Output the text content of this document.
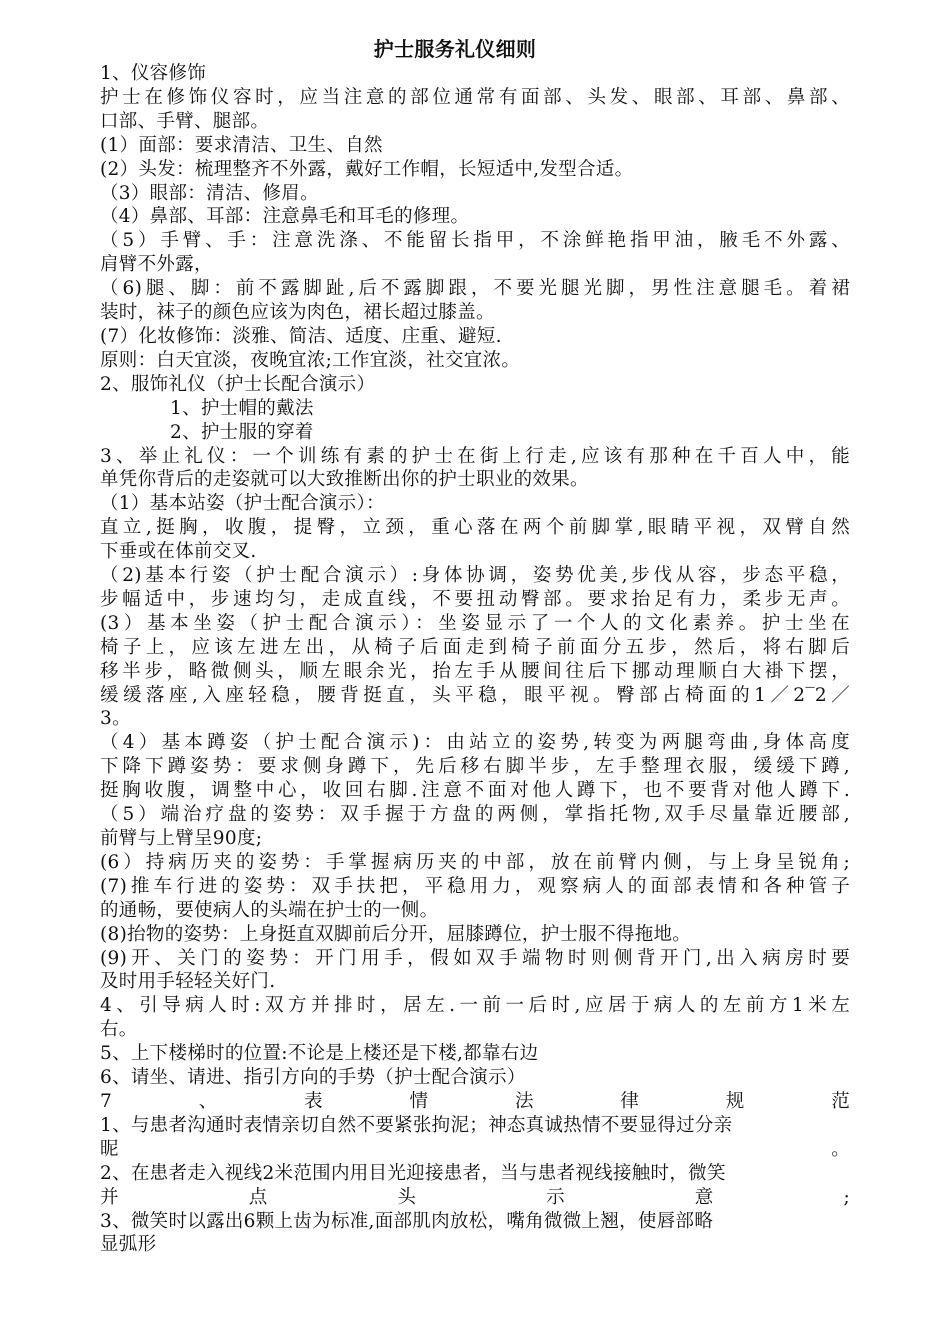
护士服务礼仪细则
1、仪容修饰
护士在修饰仪容时，应当注意的部位通常有面部、头发、眼部、耳部、鼻部、
口部、手臂、腿部。
(1）面部：要求清洁、卫生、自然
(2）头发：梳理整齐不外露，戴好工作帽，长短适中,发型合适。
（3）眼部：清洁、修眉。
（4）鼻部、耳部：注意鼻毛和耳毛的修理。
（5）手臂、手：注意洗涤、不能留长指甲，不涂鲜艳指甲油，腋毛不外露、
肩臂不外露，
（6)腿、脚：前不露脚趾,后不露脚跟，不要光腿光脚，男性注意腿毛。着裙
装时，袜子的颜色应该为肉色，裙长超过膝盖。
(7）化妆修饰：淡雅、简洁、适度、庄重、避短.
原则：白天宜淡，夜晚宜浓;工作宜淡，社交宜浓。
2、服饰礼仪（护士长配合演示）
1、护士帽的戴法
2、护士服的穿着
3、举止礼仪：一个训练有素的护士在街上行走,应该有那种在千百人中，能
单凭你背后的走姿就可以大致推断出你的护士职业的效果。
（1）基本站姿（护士配合演示）：
直立,挺胸，收腹，提臀，立颈，重心落在两个前脚掌,眼睛平视，双臂自然
下垂或在体前交叉.
（2)基本行姿（护士配合演示）:身体协调，姿势优美,步伐从容，步态平稳，
步幅适中，步速均匀，走成直线，不要扭动臀部。要求抬足有力，柔步无声。
(3）基本坐姿（护士配合演示）：坐姿显示了一个人的文化素养。护士坐在
椅子上，应该左进左出，从椅子后面走到椅子前面分五步，然后，将右脚后
移半步，略微侧头，顺左眼余光，抬左手从腰间往后下挪动理顺白大褂下摆，
缓缓落座,入座轻稳，腰背挺直，头平稳，眼平视。臀部占椅面的1／2‾2／
3。
（4）基本蹲姿（护士配合演示)：由站立的姿势,转变为两腿弯曲,身体高度
下降下蹲姿势：要求侧身蹲下，先后移右脚半步，左手整理衣服，缓缓下蹲,
挺胸收腹，调整中心，收回右脚.注意不面对他人蹲下，也不要背对他人蹲下.
（5）端治疗盘的姿势：双手握于方盘的两侧，掌指托物,双手尽量靠近腰部,
前臂与上臂呈90度;
(6）持病历夹的姿势：手掌握病历夹的中部，放在前臂内侧，与上身呈锐角;
(7)推车行进的姿势：双手扶把，平稳用力，观察病人的面部表情和各种管子
的通畅，要使病人的头端在护士的一侧。
(8)抬物的姿势：上身挺直双脚前后分开，屈膝蹲位，护士服不得拖地。
(9)开、关门的姿势：开门用手，假如双手端物时则侧背开门,出入病房时要
及时用手轻轻关好门.
4、引导病人时:双方并排时，居左.一前一后时,应居于病人的左前方1米左
右。
5、上下楼梯时的位置:不论是上楼还是下楼,都靠右边
6、请坐、请进、指引方向的手势（护士配合演示）
7、表情法律规范
1、与患者沟通时表情亲切自然不要紧张拘泥；神态真诚热情不要显得过分亲
昵。
2、在患者走入视线2米范围内用目光迎接患者，当与患者视线接触时，微笑
并点头示意;
3、微笑时以露出6颗上齿为标准,面部肌肉放松，嘴角微微上翘，使唇部略
显弧形
